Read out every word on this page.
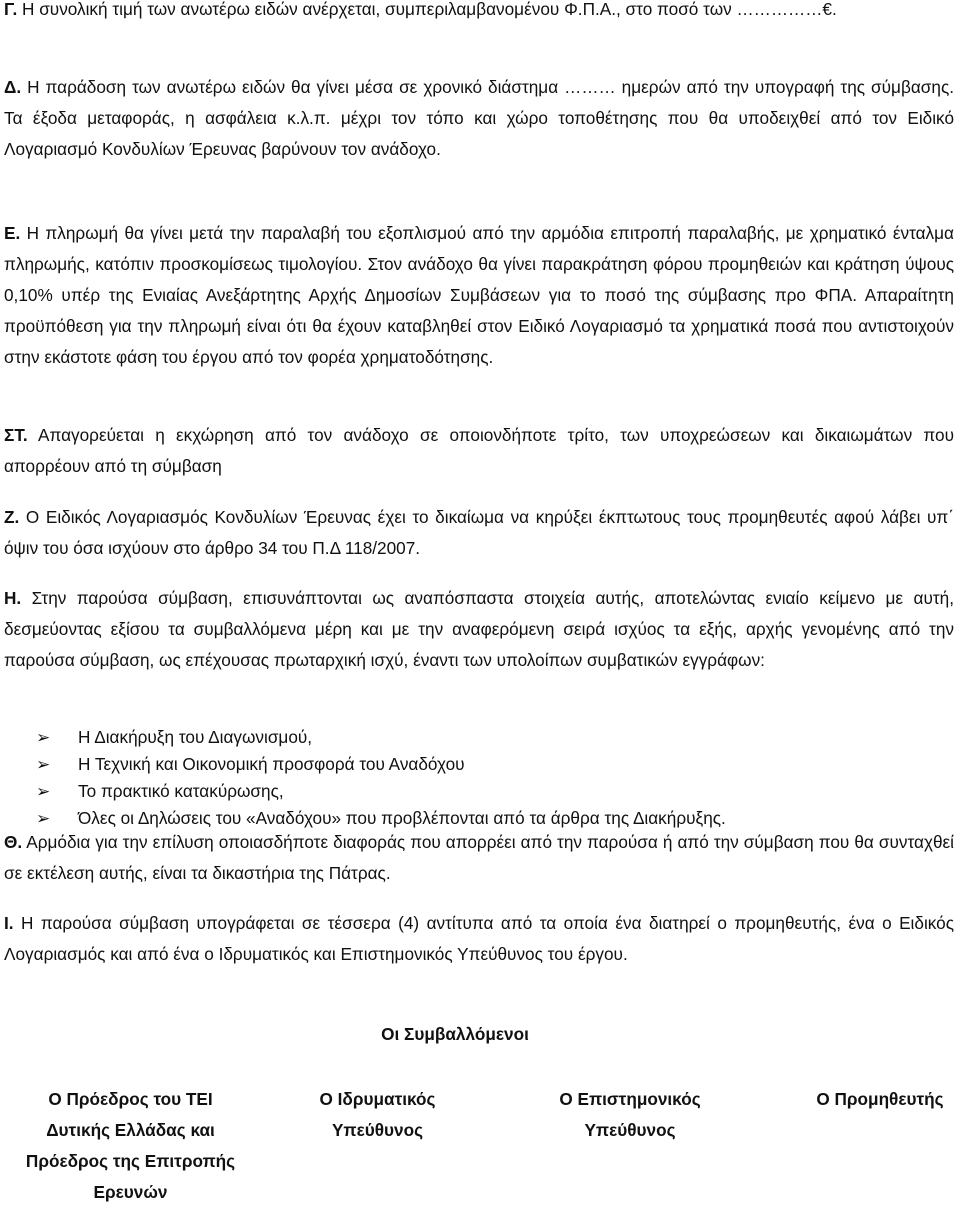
Γ. Η συνολική τιμή των ανωτέρω ειδών ανέρχεται, συμπεριλαμβανομένου Φ.Π.Α., στο ποσό των ……………€.

Δ. Η παράδοση των ανωτέρω ειδών θα γίνει μέσα σε χρονικό διάστημα ……… ημερών από την υπογραφή της σύμβασης. Τα έξοδα μεταφοράς, η ασφάλεια κ.λ.π. μέχρι τον τόπο και χώρο τοποθέτησης που θα υποδειχθεί από τον Ειδικό Λογαριασμό Κονδυλίων Έρευνας βαρύνουν τον ανάδοχο.

Ε. Η πληρωμή θα γίνει μετά την παραλαβή του εξοπλισμού από την αρμόδια επιτροπή παραλαβής, με χρηματικό ένταλμα πληρωμής, κατόπιν προσκομίσεως τιμολογίου. Στον ανάδοχο θα γίνει παρακράτηση φόρου προμηθειών και κράτηση ύψους 0,10% υπέρ της Ενιαίας Ανεξάρτητης Αρχής Δημοσίων Συμβάσεων για το ποσό της σύμβασης προ ΦΠΑ. Απαραίτητη προϋπόθεση για την πληρωμή είναι ότι θα έχουν καταβληθεί στον Ειδικό Λογαριασμό τα χρηματικά ποσά που αντιστοιχούν στην εκάστοτε φάση του έργου από τον φορέα χρηματοδότησης.

ΣΤ. Απαγορεύεται η εκχώρηση από τον ανάδοχο σε οποιονδήποτε τρίτο, των υποχρεώσεων και δικαιωμάτων που απορρέουν από τη σύμβαση

Ζ. Ο Ειδικός Λογαριασμός Κονδυλίων Έρευνας έχει το δικαίωμα να κηρύξει έκπτωτους τους προμηθευτές αφού λάβει υπ΄ όψιν του όσα ισχύουν στο άρθρο 34 του Π.Δ 118/2007.

Η. Στην παρούσα σύμβαση, επισυνάπτονται ως αναπόσπαστα στοιχεία αυτής, αποτελώντας ενιαίο κείμενο με αυτή, δεσμεύοντας εξίσου τα συμβαλλόμενα μέρη και με την αναφερόμενη σειρά ισχύος τα εξής, αρχής γενομένης από την παρούσα σύμβαση, ως επέχουσας πρωταρχική ισχύ, έναντι των υπολοίπων συμβατικών εγγράφων:

➢ Η Διακήρυξη του Διαγωνισμού,
➢ Η Τεχνική και Οικονομική προσφορά του Αναδόχου
➢ Το πρακτικό κατακύρωσης,
➢ Όλες οι Δηλώσεις του «Αναδόχου» που προβλέπονται από τα άρθρα της Διακήρυξης.

Θ. Αρμόδια για την επίλυση οποιασδήποτε διαφοράς που απορρέει από την παρούσα ή από την σύμβαση που θα συνταχθεί σε εκτέλεση αυτής, είναι τα δικαστήρια της Πάτρας.

Ι. Η παρούσα σύμβαση υπογράφεται σε τέσσερα (4) αντίτυπα από τα οποία ένα διατηρεί ο προμηθευτής, ένα ο Ειδικός Λογαριασμός και από ένα ο Ιδρυματικός και Επιστημονικός Υπεύθυνος του έργου.

Οι Συμβαλλόμενοι
Ο Πρόεδρος του ΤΕΙ
Δυτικής Ελλάδας και
Πρόεδρος της Επιτροπής
Ερευνών
Ο Ιδρυματικός
Υπεύθυνος
Ο Επιστημονικός
Υπεύθυνος
Ο Προμηθευτής
